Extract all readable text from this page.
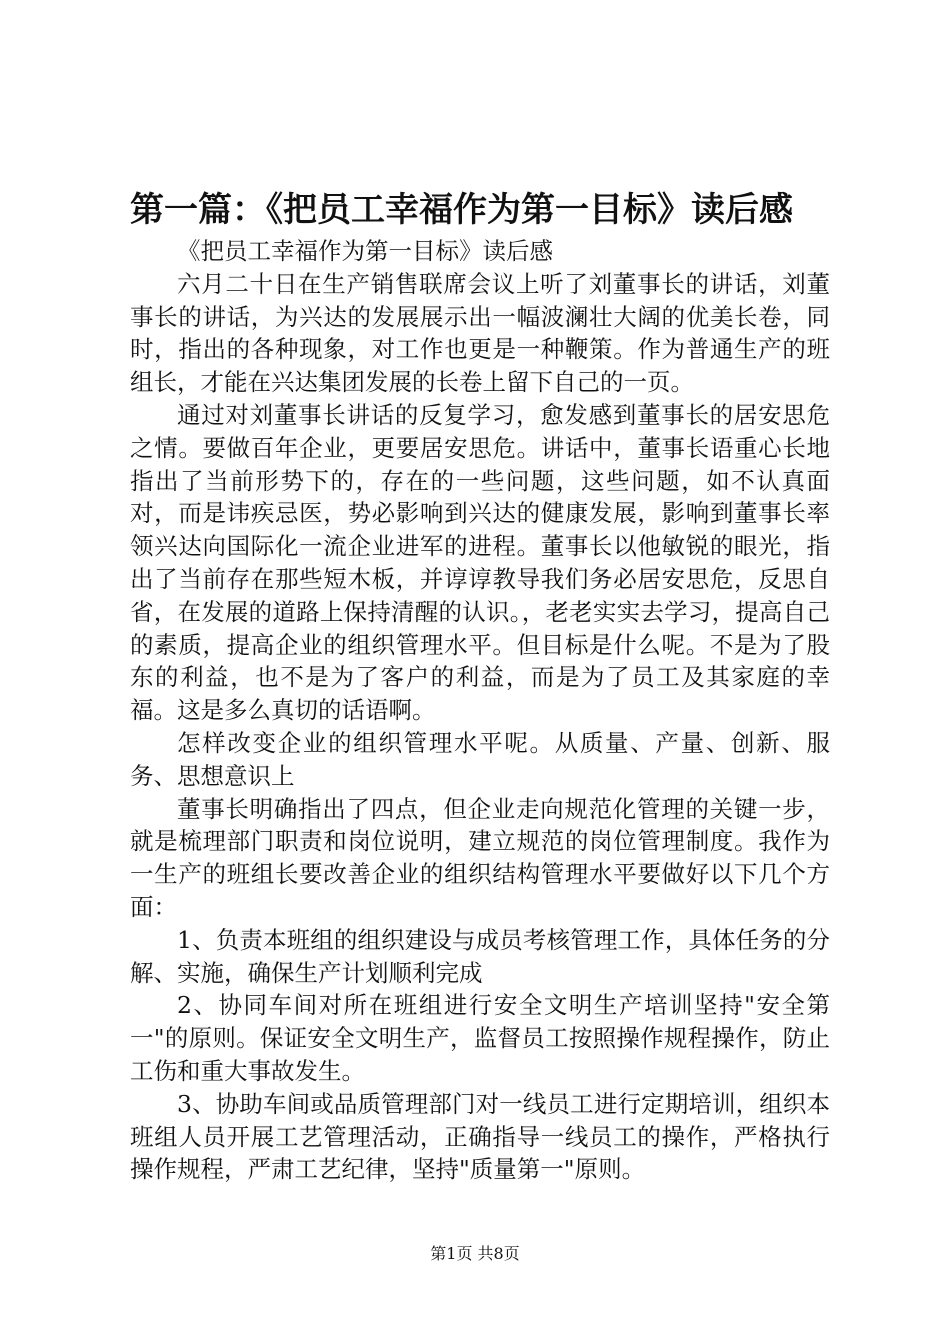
第一篇：《把员工幸福作为第一目标》读后感

《把员工幸福作为第一目标》读后感

六月二十日在生产销售联席会议上听了刘董事长的讲话，刘董事长的讲话，为兴达的发展展示出一幅波澜壮大阔的优美长卷，同时，指出的各种现象，对工作也更是一种鞭策。作为普通生产的班组长，才能在兴达集团发展的长卷上留下自己的一页。

通过对刘董事长讲话的反复学习，愈发感到董事长的居安思危之情。要做百年企业，更要居安思危。讲话中，董事长语重心长地指出了当前形势下的，存在的一些问题，这些问题，如不认真面对，而是讳疾忌医，势必影响到兴达的健康发展，影响到董事长率领兴达向国际化一流企业进军的进程。董事长以他敏锐的眼光，指出了当前存在那些短木板，并谆谆教导我们务必居安思危，反思自省，在发展的道路上保持清醒的认识。，老老实实去学习，提高自己的素质，提高企业的组织管理水平。但目标是什么呢。不是为了股东的利益，也不是为了客户的利益，而是为了员工及其家庭的幸福。这是多么真切的话语啊。

怎样改变企业的组织管理水平呢。从质量、产量、创新、服务、思想意识上

董事长明确指出了四点，但企业走向规范化管理的关键一步，就是梳理部门职责和岗位说明，建立规范的岗位管理制度。我作为一生产的班组长要改善企业的组织结构管理水平要做好以下几个方面：

1、负责本班组的组织建设与成员考核管理工作，具体任务的分解、实施，确保生产计划顺利完成

2、协同车间对所在班组进行安全文明生产培训坚持"安全第一"的原则。保证安全文明生产，监督员工按照操作规程操作，防止工伤和重大事故发生。

3、协助车间或品质管理部门对一线员工进行定期培训，组织本班组人员开展工艺管理活动，正确指导一线员工的操作，严格执行操作规程，严肃工艺纪律，坚持"质量第一"原则。

第1页 共8页
